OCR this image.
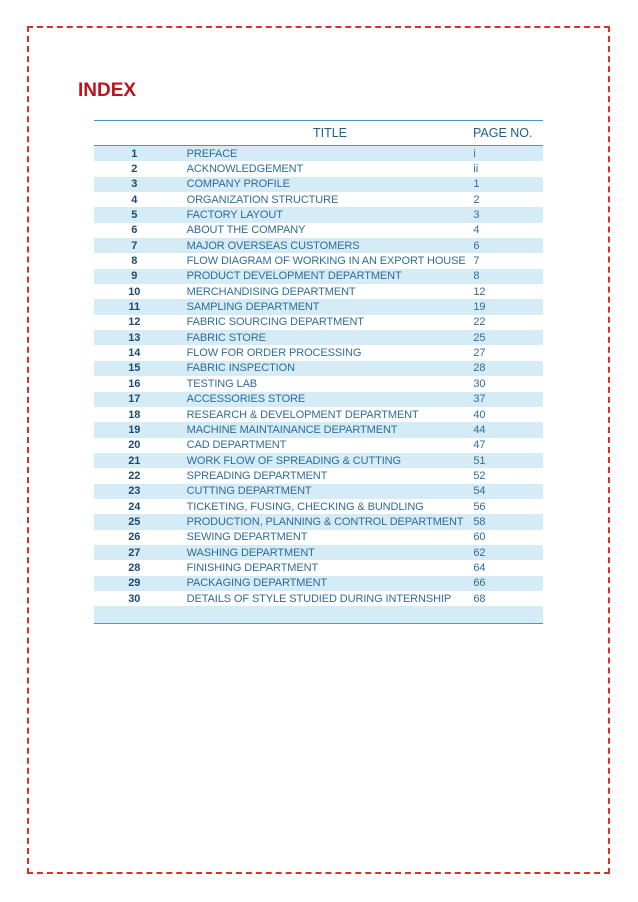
INDEX
TITLE	PAGE NO.
1	PREFACE	i
2	ACKNOWLEDGEMENT	ii
3	COMPANY PROFILE	1
4	ORGANIZATION STRUCTURE	2
5	FACTORY LAYOUT	3
6	ABOUT THE COMPANY	4
7	MAJOR OVERSEAS CUSTOMERS	6
8	FLOW DIAGRAM OF WORKING IN AN EXPORT HOUSE 7
9	PRODUCT DEVELOPMENT DEPARTMENT	8
10	MERCHANDISING DEPARTMENT	12
11	SAMPLING DEPARTMENT	19
12	FABRIC SOURCING DEPARTMENT	22
13	FABRIC STORE	25
14	FLOW FOR ORDER PROCESSING	27
15	FABRIC INSPECTION	28
16	TESTING LAB	30
17	ACCESSORIES STORE	37
18	RESEARCH & DEVELOPMENT DEPARTMENT	40
19	MACHINE MAINTAINANCE DEPARTMENT	44
20	CAD DEPARTMENT	47
21	WORK FLOW OF SPREADING & CUTTING	51
22	SPREADING DEPARTMENT	52
23	CUTTING DEPARTMENT	54
24	TICKETING, FUSING, CHECKING & BUNDLING	56
25	PRODUCTION, PLANNING & CONTROL DEPARTMENT 58
26	SEWING DEPARTMENT	60
27	WASHING DEPARTMENT	62
28	FINISHING DEPARTMENT	64
29	PACKAGING DEPARTMENT	66
30	DETAILS OF STYLE STUDIED DURING INTERNSHIP	68
